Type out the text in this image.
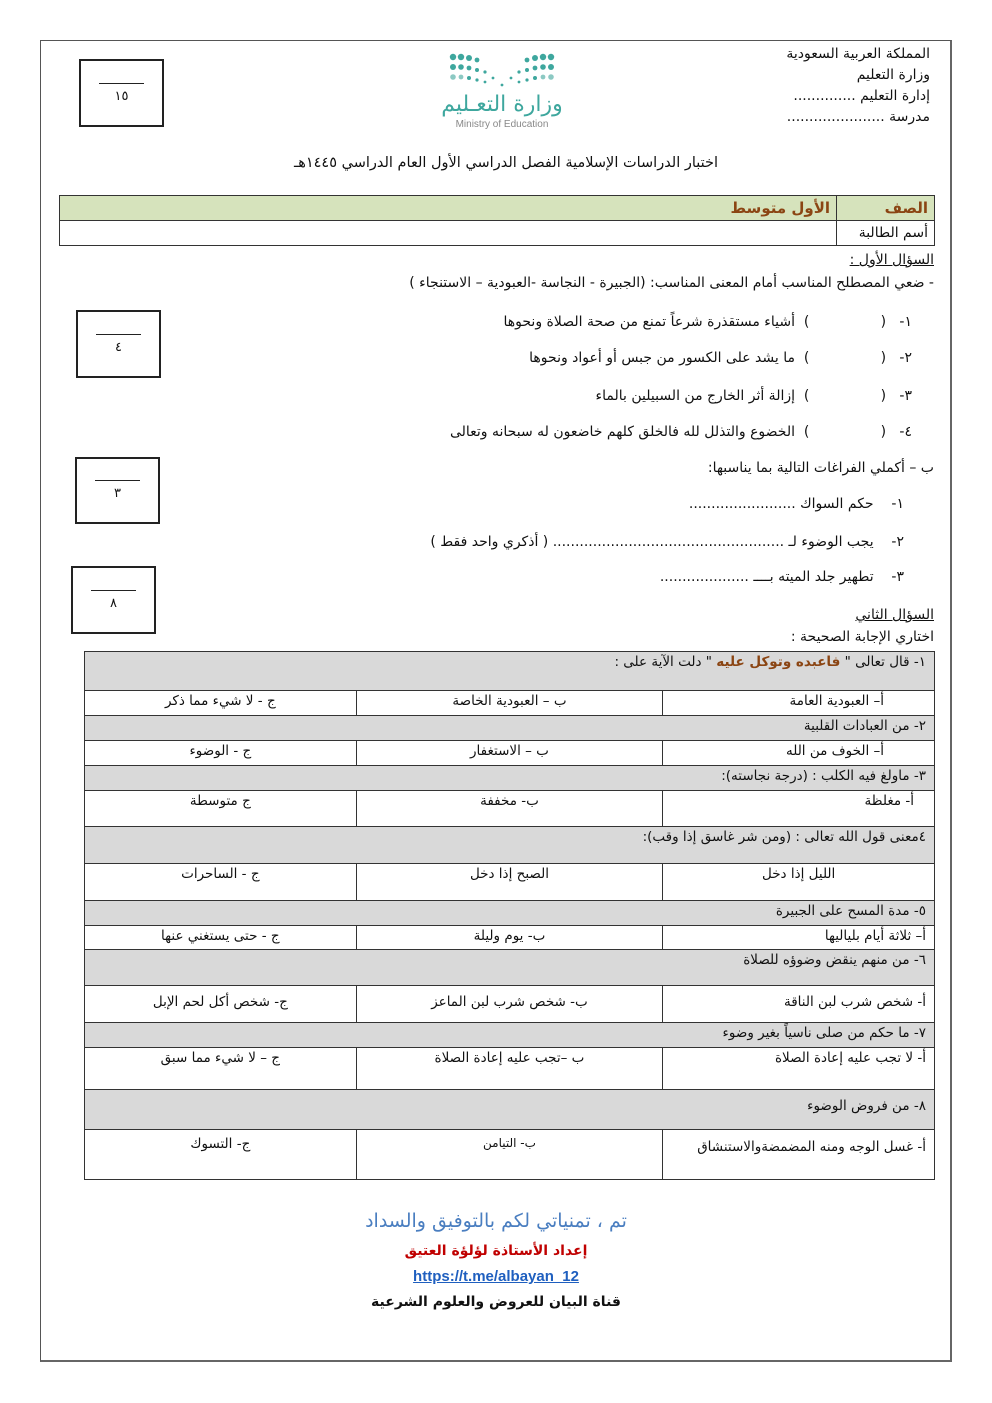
المملكة العربية السعودية
وزارة التعليم
إدارة التعليم ..............
مدرسة ......................
وزارة التعـليم
Ministry of Education
١٥
اختبار الدراسات الإسلامية الفصل الدراسي الأول العام الدراسي ١٤٤٥هـ
الصف	الأول متوسط
أسم الطالبة	
السؤال الأول :
- ضعي المصطلح المناسب أمام المعنى المناسب: (الجبيرة - النجاسة -العبودية – الاستنجاء )
٤
١-   (                )  أشياء مستقذرة شرعاً تمنع من صحة الصلاة ونحوها
٢-   (                )  ما يشد على الكسور من جبس أو أعواد ونحوها
٣-   (                )  إزالة أثر الخارج من السبيلين بالماء
٤-   (                )  الخضوع والتذلل لله فالخلق كلهم خاضعون له سبحانه وتعالى
ب – أكملي الفراغات التالية بما يناسبها:
٣
١-    حكم السواك ........................
٢-    يجب الوضوء لـ .................................................... ( أذكري واحد فقط )
٣-    تطهير جلد الميته بــــ ....................
٨
السؤال الثاني
اختاري الإجابة الصحيحة :
١- قال تعالى " فاعبده وتوكل عليه " دلت الآية على :		
أ– العبودية العامة	ب – العبودية الخاصة	ج - لا شيء مما ذكر
٢- من العبادات القلبية		
أ– الخوف من الله	ب – الاستغفار	ج - الوضوء
٣- ماولغ فيه الكلب : (درجة نجاسته):		
أ- مغلظة	ب- مخففة	ج متوسطة
٤معنى قول الله تعالى : (ومن شر غاسق إذا وقب):		
الليل إذا دخل	الصبح إذا دخل	ج - الساحرات
٥- مدة المسح على الجبيرة		
أ– ثلاثة أيام بلياليها	ب- يوم وليلة	ج - حتى يستغني عنها
٦- من منهم ينقض وضوؤه للصلاة		
أ- شخص شرب لبن الناقة	ب- شخص شرب لبن الماعز	ج- شخص أكل لحم الإبل
٧- ما حكم من صلى ناسياً بغير وضوء		
أ- لا تجب عليه إعادة الصلاة	ب –تجب عليه إعادة الصلاة	ج – لا شيء مما سبق
٨- من فروض الوضوء		
أ- غسل الوجه ومنه المضمضةوالاستنشاق	ب- التيامن	ج- التسوك
تم ، تمنياتي لكم بالتوفيق والسداد
إعداد الأستاذة لؤلؤة العتيق
https://t.me/albayan_12
قناة البيان للعروض والعلوم الشرعية
